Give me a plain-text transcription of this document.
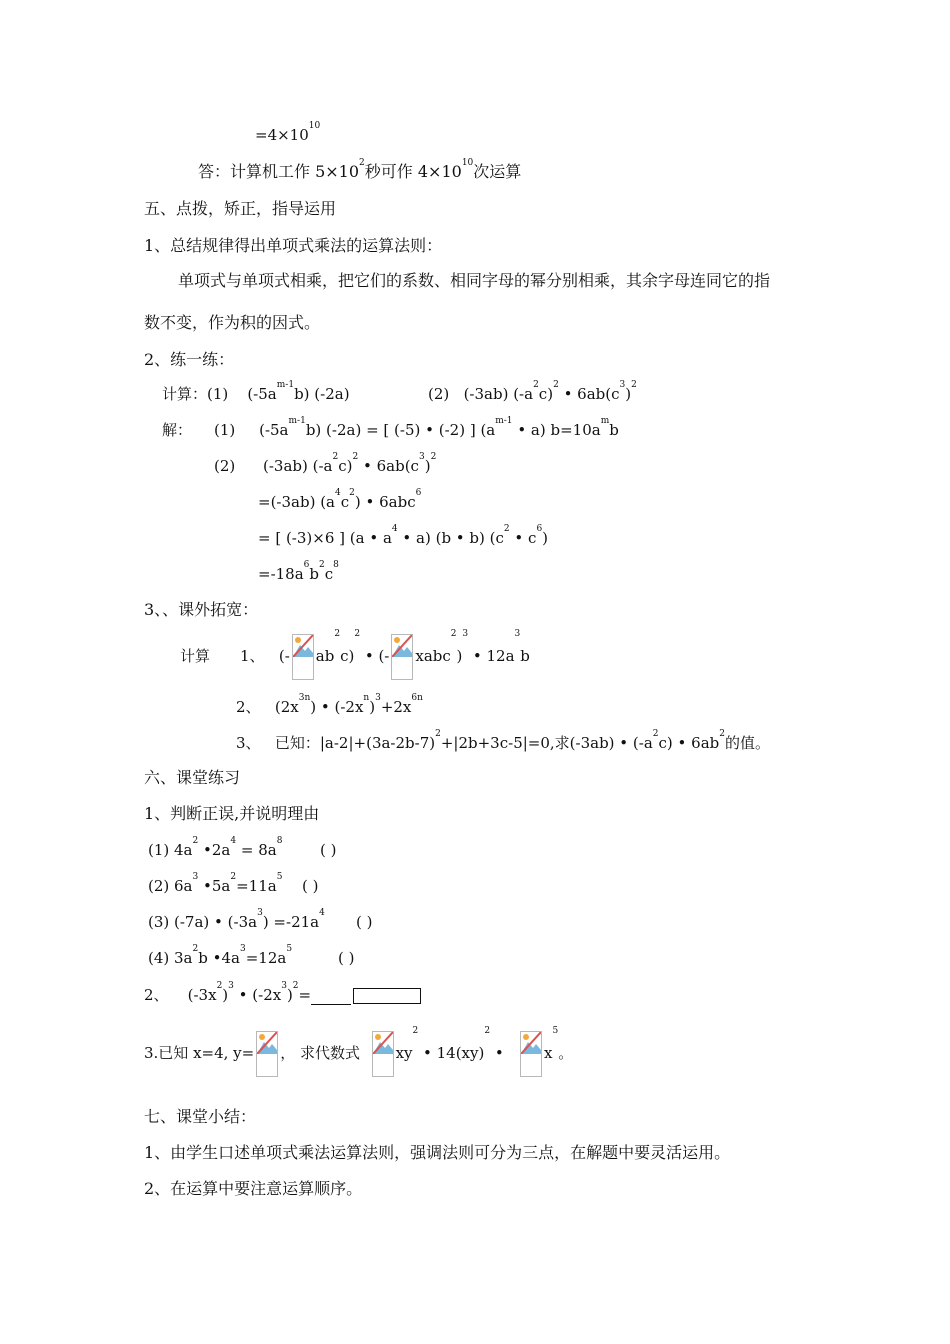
$=4\times 10^{10}$
答：计算机工作 $5\times 10^2$秒可作 $4\times 10^{10}$次运算
五、点拨，矫正，指导运用
1、总结规律得出单项式乘法的运算法则：
单项式与单项式相乘，把它们的系数、相同字母的幂分别相乘，其余字母连同它的指
数不变，作为积的因式。
2、练一练：
计算：(1) $(-5a^{m-1}b)$ (-2a)	(2) (-3ab) $(-a^2c)^2$ • $6ab(c^3)^2$
解： (1) $(-5a^{m-1}b) (-2a)$ = [ (-5) • (-2) ] ($a^{m-1}$ • a) $b=10a^mb$
(2) (-3ab) $(-a^2c)^2$ • $6ab(c^3)^2$
=(-3ab) $(a^4c^2)$ • 6abc$^6$
= [ (-3)×6 ] (a • $a^4$ • a) (b • b) ($c^2$ • $c^6$)
$=-18a^6b^2c^8$
3、、课外拓宽：
计算 1、 (- $ab^2c)^2$ • (- xabc$^2$)$^3$ • $12a^3b$
2、 $(2x^{3n})$ • $(-2x^n)^3+2x^{6n}$
3、 已知：$|a-2|+(3a-2b-7)^2+|2b+3c-5|=0$,求(-3ab) • $(-a^2c)$ • $6ab^2$的值。
六、课堂练习
1、判断正误,并说明理由
(1) $4a^2$ $•2a^4 = 8a^8$	( )
(2) $6a^3$ $•5a^2=11a^5$ ( )
(3) (-7a) • $(-3a^3) =-21a^4$ ( )
(4) $3a^2b$ $•4a^3=12a^5$	( )
2、 $(-3x^2)^3$ • $(-2x^3)^2=$
3.已知 x=4, y= ， 求代数式 $xy^2$ • 14(xy)$^2$ •	$x^5$。
七、课堂小结：
1、由学生口述单项式乘法运算法则，强调法则可分为三点，在解题中要灵活运用。
2、在运算中要注意运算顺序。
